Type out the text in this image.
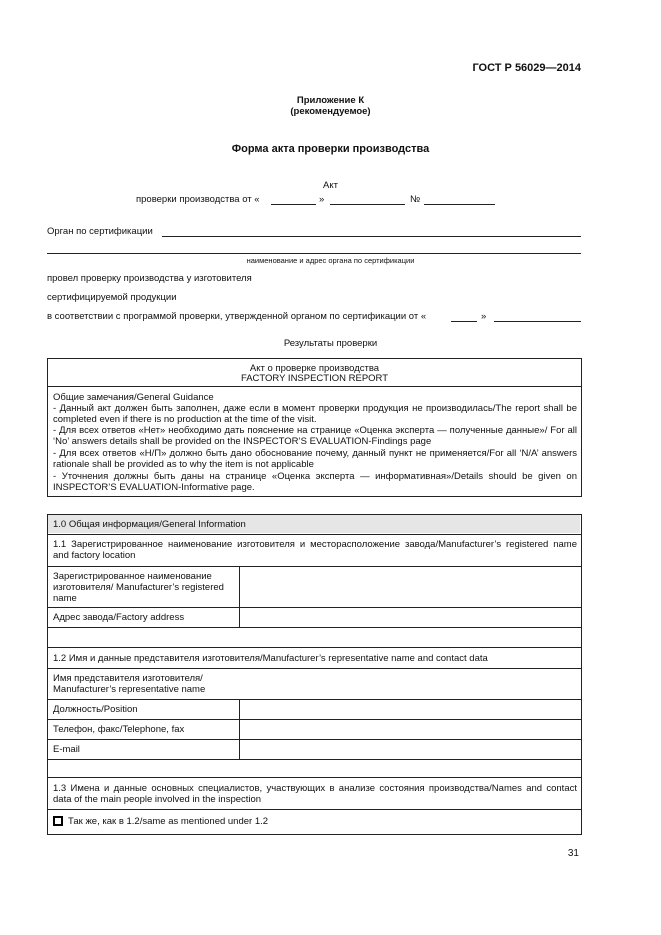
ГОСТ Р 56029—2014
Приложение К
(рекомендуемое)
Форма акта проверки производства
Акт
проверки производства от «	»	№
Орган по сертификации
наименование и адрес органа по сертификации
провел проверку производства у изготовителя
сертифицируемой продукции
в соответствии с программой проверки, утвержденной органом по сертификации от «	»
Результаты проверки
Акт о проверке производства
FACTORY INSPECTION REPORT
Общие замечания/General Guidance
- Данный акт должен быть заполнен, даже если в момент проверки продукция не производилась/The report shall be completed even if there is no production at the time of the visit.
- Для всех ответов «Нет» необходимо дать пояснение на странице «Оценка эксперта — полученные данные»/ For all ‘No’ answers details shall be provided on the INSPECTOR’S EVALUATION-Findings page
- Для всех ответов «Н/П» должно быть дано обоснование почему, данный пункт не применяется/For all ‘N/A’ answers rationale shall be provided as to why the item is not applicable
- Уточнения должны быть даны на странице «Оценка эксперта — информативная»/Details should be given on INSPECTOR’S EVALUATION-Informative page.
1.0 Общая информация/General Information
1.1 Зарегистрированное наименование изготовителя и месторасположение завода/Manufacturer’s registered name and factory location
Зарегистрированное наименование изготовителя/ Manufacturer’s registered name
Адрес завода/Factory address
1.2 Имя и данные представителя изготовителя/Manufacturer’s representative name and contact data
Имя представителя изготовителя/ Manufacturer’s representative name
Должность/Position
Телефон, факс/Telephone, fax
E-mail
1.3 Имена и данные основных специалистов, участвующих в анализе состояния производства/Names and contact data of the main people involved in the inspection
Так же, как в 1.2/same as mentioned under 1.2
31
